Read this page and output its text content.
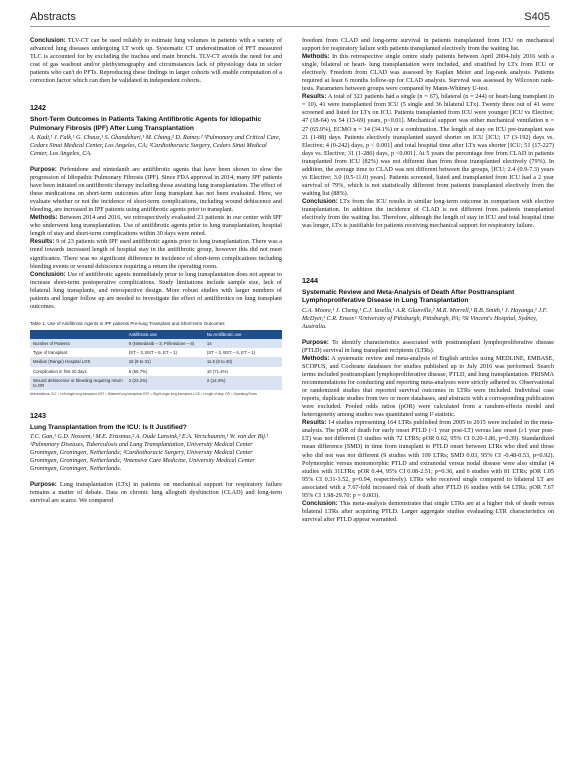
Abstracts	S405

Conclusion: TLV-CT can be used reliably to estimate lung volumes in patients with a variety of advanced lung diseases undergoing LT work up. Systematic CT underestimation of PFT measured TLC is accounted for by excluding the trachea and main bronchi. TLV-CT avoids the need for and cost of gas washout and/or plethysmography and circumstances lack of physiology data in sicker patients who can't do PFTs. Reproducing these findings in larger cohorts will enable computation of a correction factor which can then be validated in independent cohorts.

1242
Short-Term Outcomes in Patients Taking Antifibrotic Agents for Idiopathic Pulmonary Fibrosis (IPF) After Lung Transplantation
A. Kadi,¹ J. Falk,¹ G. Chaux,¹ S. Ghandehari,¹ M. Chang,² D. Ramzy.² ¹Pulmonary and Critical Care, Cedars Sinai Medical Center, Los Angeles, CA; ²Cardiothoracic Surgery, Cedars Sinai Medical Center, Los Angeles, CA.

Purpose: Pirfenidone and nintedanib are antifibrotic agents that have been shown to slow the progression of Idiopathic Pulmonary Fibrosis (IPF). Since FDA approval in 2014, many IPF patients have been initiated on antifibrotic therapy including those awaiting lung transplantation. The effect of these medications on short-term outcomes after lung transplant has not been evaluated. Here, we evaluate whether or not the incidence of short-term complications, including wound dehiscence and bleeding, are increased in IPF patients using antifibrotic agents prior to transplant.

Methods: Between 2014 and 2016, we retrospectively evaluated 23 patients in our center with IPF who underwent lung transplantation. Use of antifibrotic agents prior to lung transplantation, hospital length of stay and short-term complications within 30 days were noted.

Results: 9 of 23 patients with IPF used antifibrotic agents prior to lung transplantation. There was a trend towards increased length of hospital stay in the antifibrotic group, however this did not meet significance. There was no significant difference in incidence of short-term complications including bleeding events or wound dehiscence requiring a return the operating room.

Conclusion: Use of antifibrotic agents immediately prior to lung transplantation does not appear to increase short-term postoperative complications. Study limitations include sample size, lack of bilateral lung transplants, and retrospective design. More robust studies with larger numbers of patients and longer follow up are needed to investigate the effect of antifibrotics on lung transplant outcomes.

Table 1. Use of Antifibrotic Agents in IPF patients Pre-lung Transplant and Short-term Outcomes
	Antifibrotic use	No Antifibrotic use
Number of Patients	9 (Nintedanib – 3; Pirfenidone – 6)	14
Type of transplant	(ST – 3, BST – 6, ET – 1)	(ST – 3, BST – 6, ET – 1)
Median (Range) Hospital LOS	15 (9 to 31)	11.5 (9 to 30)
Complication in first 30 days	6 (66.7%)	10 (71.4%)
Wound dehiscence or bleeding requiring return to OR	2 (22.2%)	2 (14.3%)
Abbreviations: SLT = Left single lung transplant; BST = Bilateral lung transplant; RST = Right single lung transplant; LOS = Length of stay; OR = Operating Room
1243
Lung Transplantation from the ICU: Is It Justified?
T.C. Gan,¹ G.D. Nossent,¹ M.E. Erasmus,² A. Oude Lansink,³ E.A. Verschuuren,¹ W. van der Bij.¹ ¹Pulmonary Diseases, Tuberculosis and Lung Transplantation, University Medical Center Groningen, Groningen, Netherlands; ²Cardiothoracic Surgery, University Medical Center Groningen, Groningen, Netherlands; ³Intensive Care Medicine, University Medical Center Groningen, Groningen, Netherlands.

Purpose: Lung transplantation (LTx) in patients on mechanical support for respiratory failure remains a matter of debate. Data on chronic lung allograft dysfunction (CLAD) and long-term survival are scarce. We compared

freedom from CLAD and long-term survival in patients transplanted from ICU on mechanical support for respiratory failure with patients transplanted electively from the waiting list.

Methods: In this retrospective single centre study patients between April 2004-July 2016 with a single, bilateral or heart- lung transplantation were included, and stratified by LTx from ICU or electively. Freedom from CLAD was assessed by Kaplan Meier and log-rank analysis. Patients required at least 6 months follow-up for CLAD analysis. Survival was assessed by Wilcoxon rank-tests. Parameters between groups were compared by Mann-Whitney U-test.

Results: A total of 321 patients had a single (n = 67), bilateral (n = 244) or heart-lung transplant (n = 10). 41 were transplanted from ICU (5 single and 36 bilateral LTx). Twenty three out of 41 were screened and listed for LTx on ICU. Patients transplanted from ICU were younger [ICU vs Elective; 47 (18-64) vs 54 (13-69) years, p<0.01]. Mechanical support was either mechanical ventilation n = 27 (65.9%), ECMO n = 14 (34.1%) or a combination. The length of stay on ICU pre-transplant was 21 (1-88) days. Patients electively transplanted stayed shorter on ICU [ICU; 17 (3-192) days vs. Elective; 4 (0-242) days, p < 0.001] and total hospital time after LTx was shorter [ICU; 51 (17-227) days vs. Elective; 31 (1-286) days, p <0.001]. At 5 years the percentage free from CLAD in patients transplanted from ICU (82%) was not different than from those transplanted electively (79%). In addition, the average time to CLAD was not different between the groups, [ICU; 2.4 (0.9-7.3) years vs Elective; 3.0 (0.5-11.0) years]. Patients screened, listed and transplanted from ICU had a 2 year survival of 79%, which is not statistically different from patients transplanted electively from the waiting list (88%).

Conclusion: LTx from the ICU results in similar long-term outcome in comparison with elective transplantation. In addition the incidence of CLAD is not different from patients transplanted electively from the waiting list. Therefore, although the length of stay in ICU and total hospital time was longer, LTx is justifiable for patients receiving mechanical support for respiratory failure.

1244
Systematic Review and Meta-Analysis of Death After Posttransplant Lymphoproliferative Disease in Lung Transplantation
C.A. Moore,¹ J. Cheng,¹ C.J. Iasella,¹ A.R. Glanville,² M.R. Morrell,¹ R.B. Smith,¹ J. Hayanga,¹ J.F. McDyer,¹ C.R. Ensor.¹ ¹University of Pittsburgh, Pittsburgh, PA; ²St Vincent's Hospital, Sydney, Australia.

Purpose: To identify characteristics associated with posttransplant lymphoproliferative disease (PTLD) survival in lung transplant recipients (LTRs).

Methods: A systematic review and meta-analysis of English articles using MEDLINE, EMBASE, SCOPUS, and Cochrane databases for studies published up to July 2016 was performed. Search terms included posttransplant lymphoproliferative disease, PTLD, and lung transplantation. PRISMA recommendations for conducting and reporting meta-analyses were strictly adhered to. Observational or randomized studies that reported survival outcomes in LTRs were included. Individual case reports, duplicate studies from two or more databases, and abstracts with a corresponding publication were excluded. Pooled odds ratios (pOR) were calculated from a random-effects model and heterogeneity among studies was quantitated using I² statistic.

Results: 14 studies representing 164 LTRs published from 2005 to 2015 were included in the meta-analysis. The pOR of death for early onset PTLD (<1 year post-LT) versus late onset (≥1 year post-LT) was not different (3 studies with 72 LTRS; pOR 0.62, 95% CI 0.20-1.86, p=0.39). Standardized mean difference (SMD) in time from transplant to PTLD onset between LTRs who died and those who did not was not different (9 studies with 109 LTRs; SMD 0.03, 95% CI -0.48-0.53, p=0.92). Polymorphic versus monomorphic PTLD and extranodal versus nodal disease were also similar (4 studies with 31LTRs; pOR 0.44, 95% CI 0.08-2.51; p=0.36, and 6 studies with 81 LTRs; pOR 1.05 95% CI 0.31-3.52, p=0.94, respectively). LTRs who received single compared to bilateral LT are associated with a 7.67-fold increased risk of death after PTLD (6 studies with 64 LTRs; pOR 7.67 95% CI 1.98-29.70; p = 0.003).

Conclusion: This meta-analysis demonstrates that single LTRs are at a higher risk of death versus bilateral LTRs after acquiring PTLD. Larger aggregate studies evaluating LTR characteristics on survival after PTLD appear warranted.
